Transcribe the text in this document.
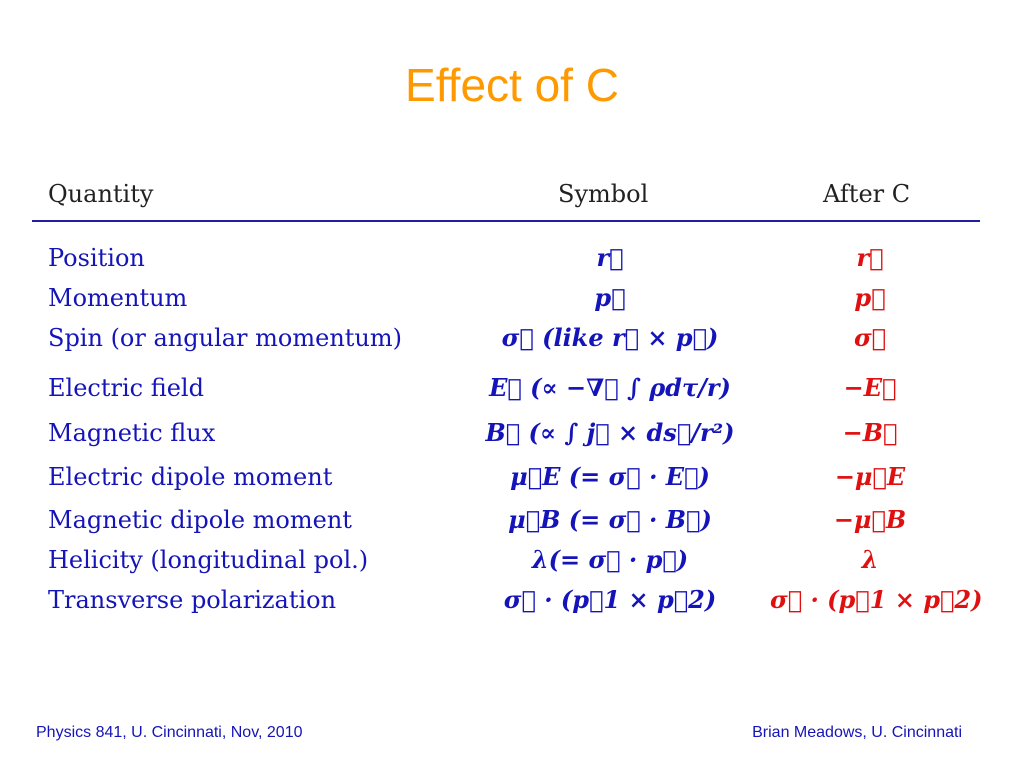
Effect of C
Quantity	Symbol	After C
Position	r⃗	r⃗
Momentum	p⃗	p⃗
Spin (or angular momentum)	σ⃗ (like r⃗ × p⃗)	σ⃗
Electric field	E⃗ (∝ −∇⃗ ∫ ρdτ/r)	−E⃗
Magnetic flux	B⃗ (∝ ∫ j⃗ × ds⃗/r²)	−B⃗
Electric dipole moment	μ⃗E (= σ⃗ · E⃗)	−μ⃗E
Magnetic dipole moment	μ⃗B (= σ⃗ · B⃗)	−μ⃗B
Helicity (longitudinal pol.)	λ(= σ⃗ · p⃗)	λ
Transverse polarization	σ⃗ · (p⃗1 × p⃗2)	σ⃗ · (p⃗1 × p⃗2)
Physics 841, U. Cincinnati, Nov, 2010	Brian Meadows, U. Cincinnati
